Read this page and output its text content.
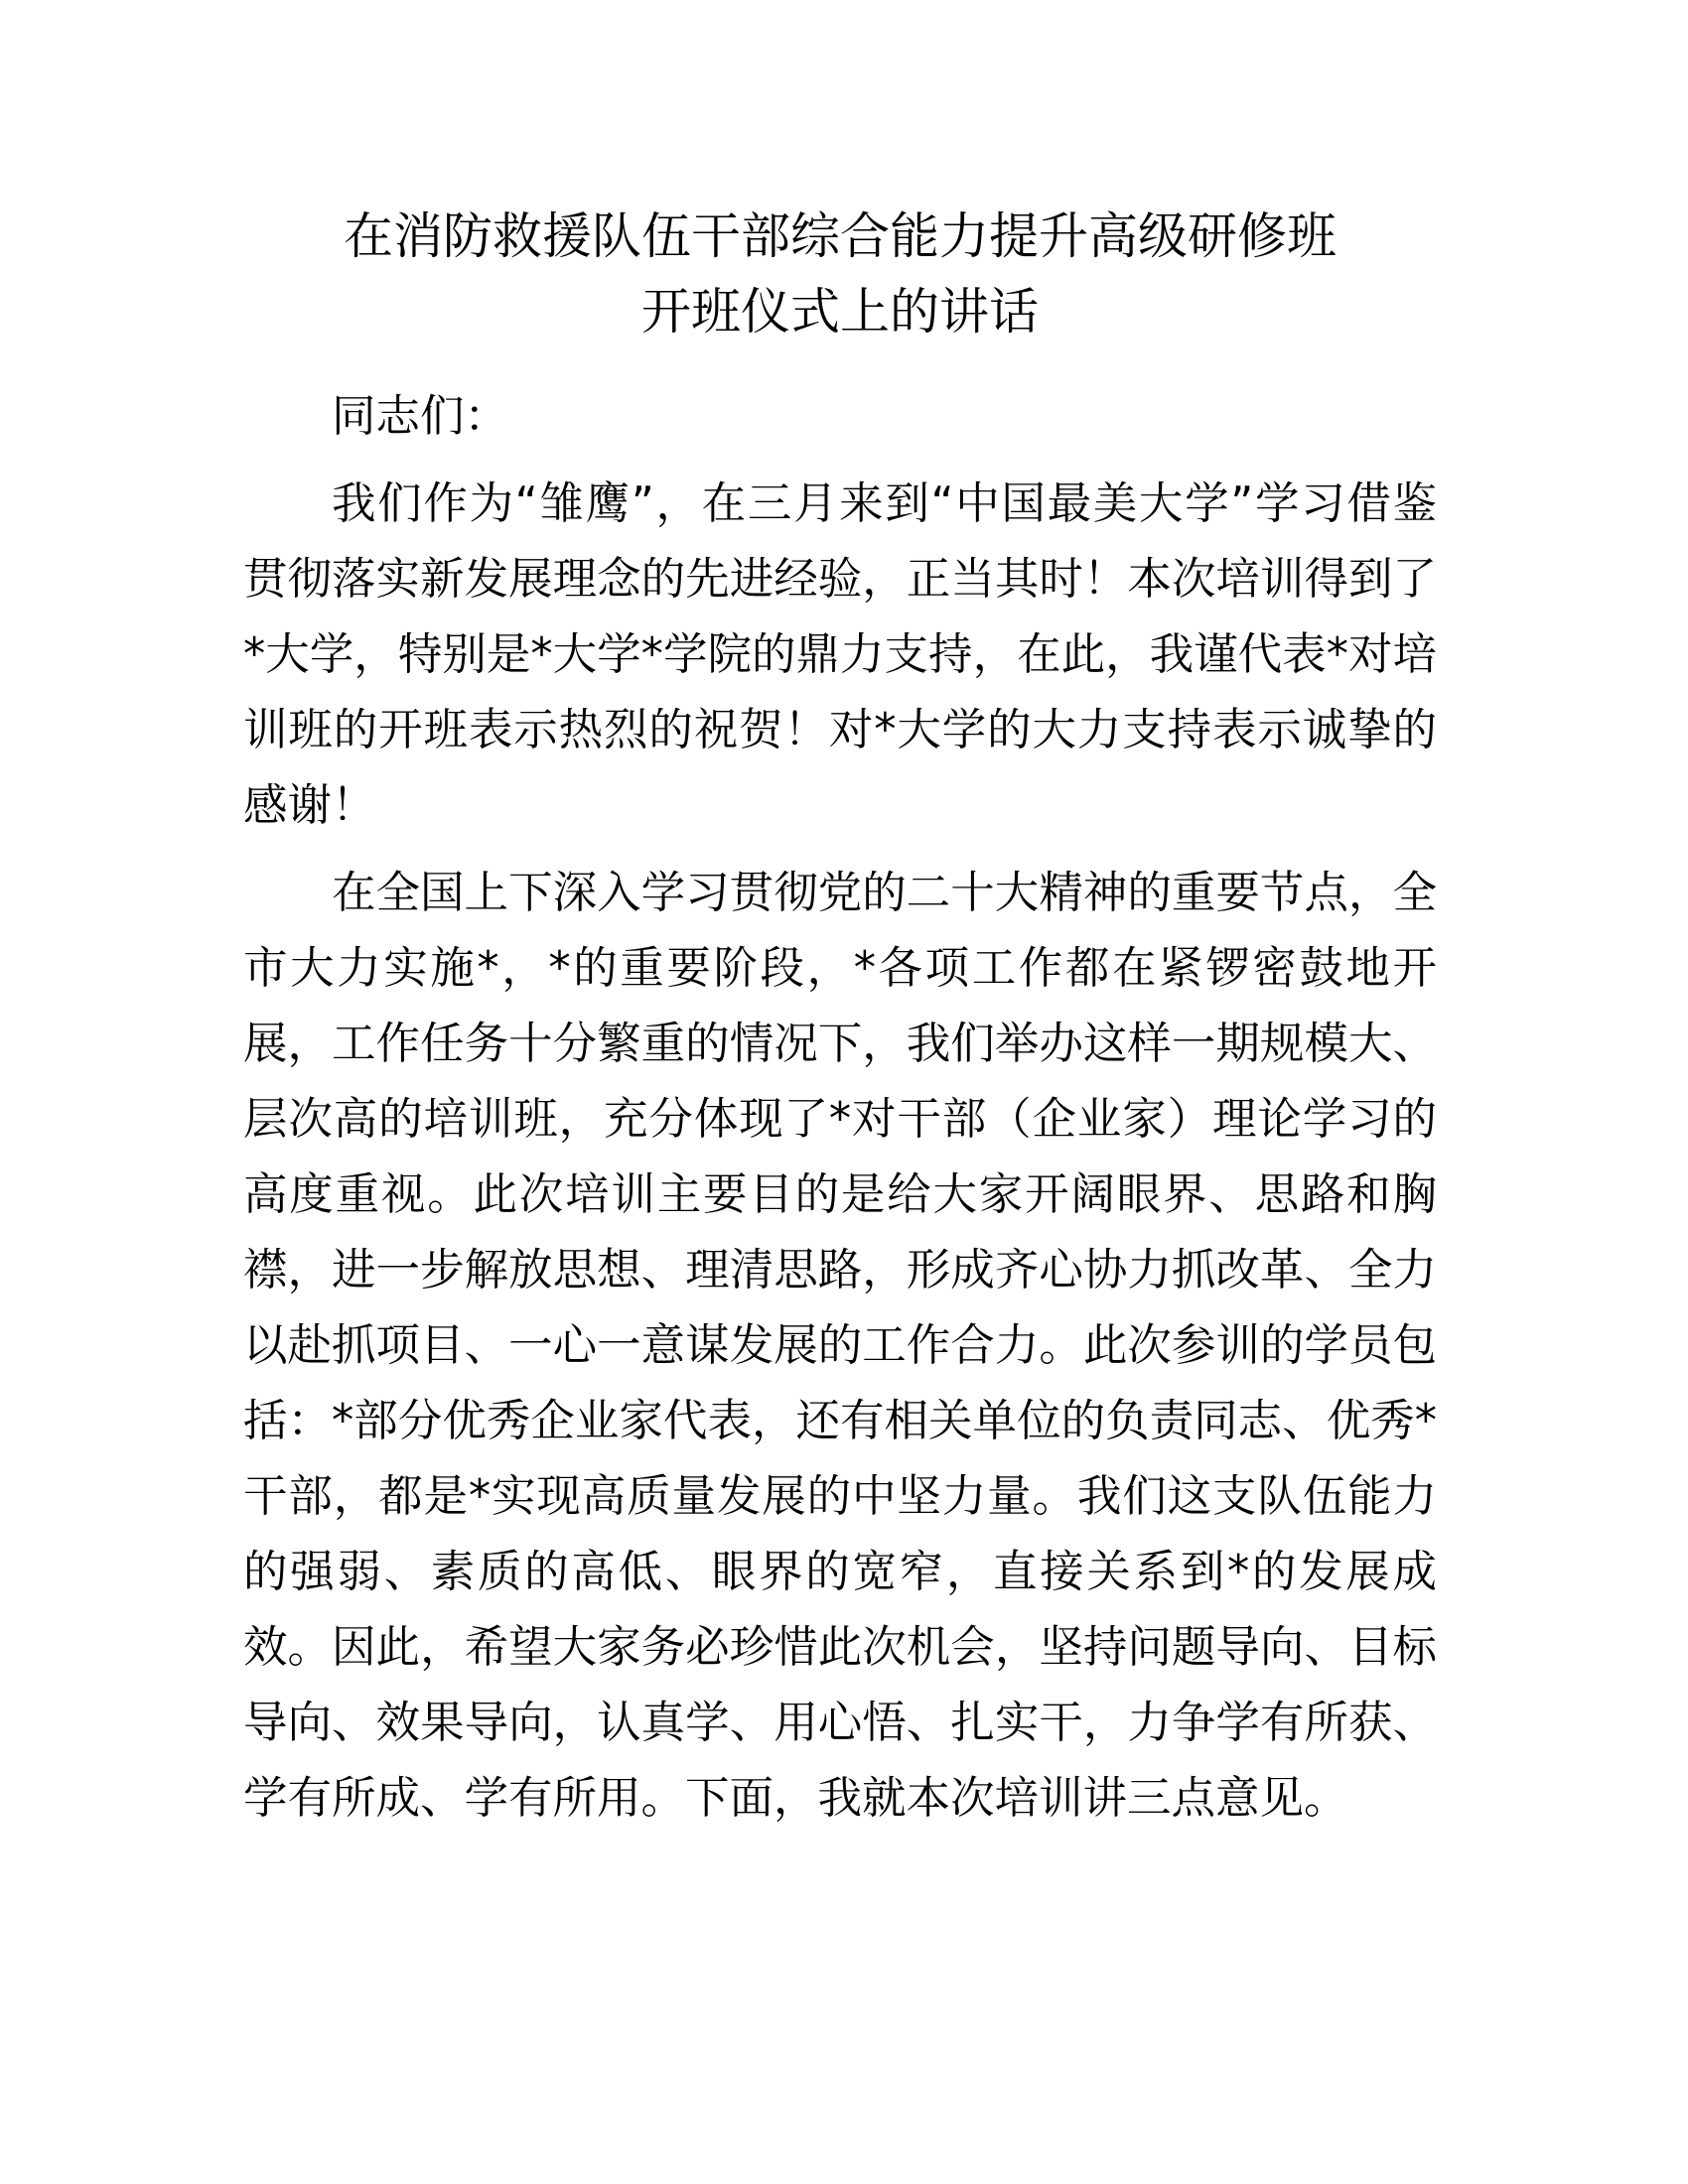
在消防救援队伍干部综合能力提升高级研修班
开班仪式上的讲话

同志们：

我们作为“雏鹰”，在三月来到“中国最美大学”学习借鉴贯彻落实新发展理念的先进经验，正当其时！本次培训得到了*大学，特别是*大学*学院的鼎力支持，在此，我谨代表*对培训班的开班表示热烈的祝贺！对*大学的大力支持表示诚挚的感谢！

在全国上下深入学习贯彻党的二十大精神的重要节点，全市大力实施*，*的重要阶段，*各项工作都在紧锣密鼓地开展，工作任务十分繁重的情况下，我们举办这样一期规模大、层次高的培训班，充分体现了*对干部（企业家）理论学习的高度重视。此次培训主要目的是给大家开阔眼界、思路和胸襟，进一步解放思想、理清思路，形成齐心协力抓改革、全力以赴抓项目、一心一意谋发展的工作合力。此次参训的学员包括：*部分优秀企业家代表，还有相关单位的负责同志、优秀*干部，都是*实现高质量发展的中坚力量。我们这支队伍能力的强弱、素质的高低、眼界的宽窄，直接关系到*的发展成效。因此，希望大家务必珍惜此次机会，坚持问题导向、目标导向、效果导向，认真学、用心悟、扎实干，力争学有所获、学有所成、学有所用。下面，我就本次培训讲三点意见。
